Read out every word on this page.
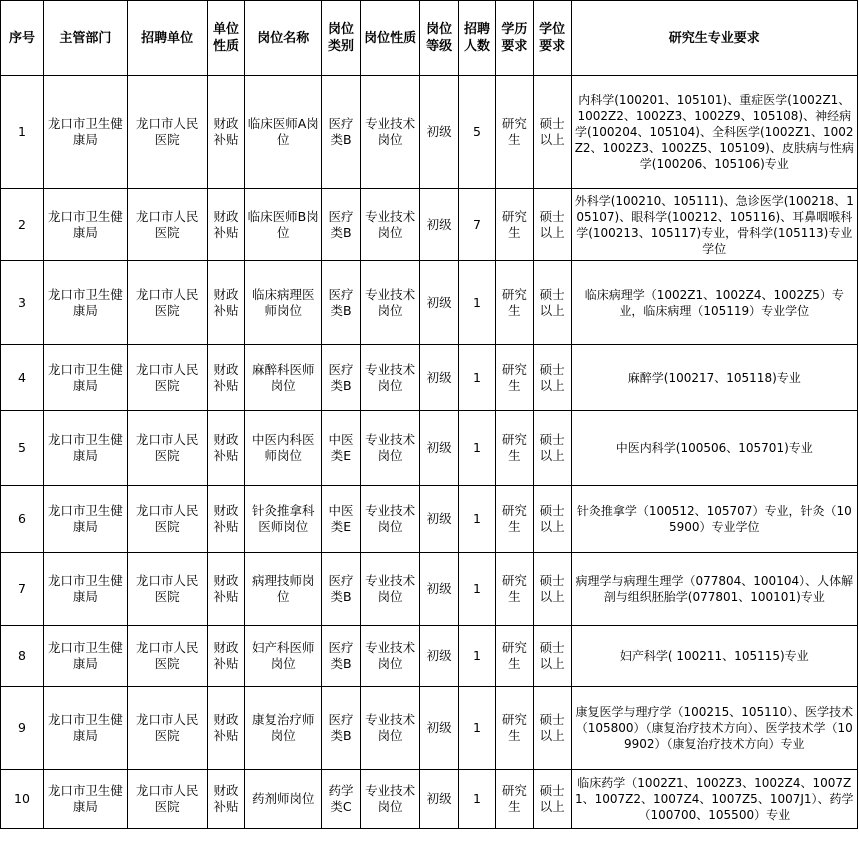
序号	主管部门	招聘单位	单位性质	岗位名称	岗位类别	岗位性质	岗位等级	招聘人数	学历要求	学位要求	研究生专业要求
1	龙口市卫生健康局	龙口市人民医院	财政补贴	临床医师A岗位	医疗类B	专业技术岗位	初级	5	研究生	硕士以上	内科学(100201、105101)、重症医学(1002Z1、1002Z2、1002Z3、1002Z9、105108)、神经病学(100204、105104)、全科医学(1002Z1、1002Z2、1002Z3、1002Z5、105109)、皮肤病与性病学(100206、105106)专业
2	龙口市卫生健康局	龙口市人民医院	财政补贴	临床医师B岗位	医疗类B	专业技术岗位	初级	7	研究生	硕士以上	外科学(100210、105111)、急诊医学(100218、105107)、眼科学(100212、105116)、耳鼻咽喉科学(100213、105117)专业，骨科学(105113)专业学位
3	龙口市卫生健康局	龙口市人民医院	财政补贴	临床病理医师岗位	医疗类B	专业技术岗位	初级	1	研究生	硕士以上	临床病理学（1002Z1、1002Z4、1002Z5）专业，临床病理（105119）专业学位
4	龙口市卫生健康局	龙口市人民医院	财政补贴	麻醉科医师岗位	医疗类B	专业技术岗位	初级	1	研究生	硕士以上	麻醉学(100217、105118)专业
5	龙口市卫生健康局	龙口市人民医院	财政补贴	中医内科医师岗位	中医类E	专业技术岗位	初级	1	研究生	硕士以上	中医内科学(100506、105701)专业
6	龙口市卫生健康局	龙口市人民医院	财政补贴	针灸推拿科医师岗位	中医类E	专业技术岗位	初级	1	研究生	硕士以上	针灸推拿学（100512、105707）专业，针灸（105900）专业学位
7	龙口市卫生健康局	龙口市人民医院	财政补贴	病理技师岗位	医疗类B	专业技术岗位	初级	1	研究生	硕士以上	病理学与病理生理学（077804、100104）、人体解剖与组织胚胎学(077801、100101)专业
8	龙口市卫生健康局	龙口市人民医院	财政补贴	妇产科医师岗位	医疗类B	专业技术岗位	初级	1	研究生	硕士以上	妇产科学( 100211、105115)专业
9	龙口市卫生健康局	龙口市人民医院	财政补贴	康复治疗师岗位	医疗类B	专业技术岗位	初级	1	研究生	硕士以上	康复医学与理疗学（100215、105110）、医学技术（105800）（康复治疗技术方向）、医学技术学（109902）（康复治疗技术方向）专业
10	龙口市卫生健康局	龙口市人民医院	财政补贴	药剂师岗位	药学类C	专业技术岗位	初级	1	研究生	硕士以上	临床药学（1002Z1、1002Z3、1002Z4、1007Z1、1007Z2、1007Z4、1007Z5、1007J1）、药学（100700、105500）专业
